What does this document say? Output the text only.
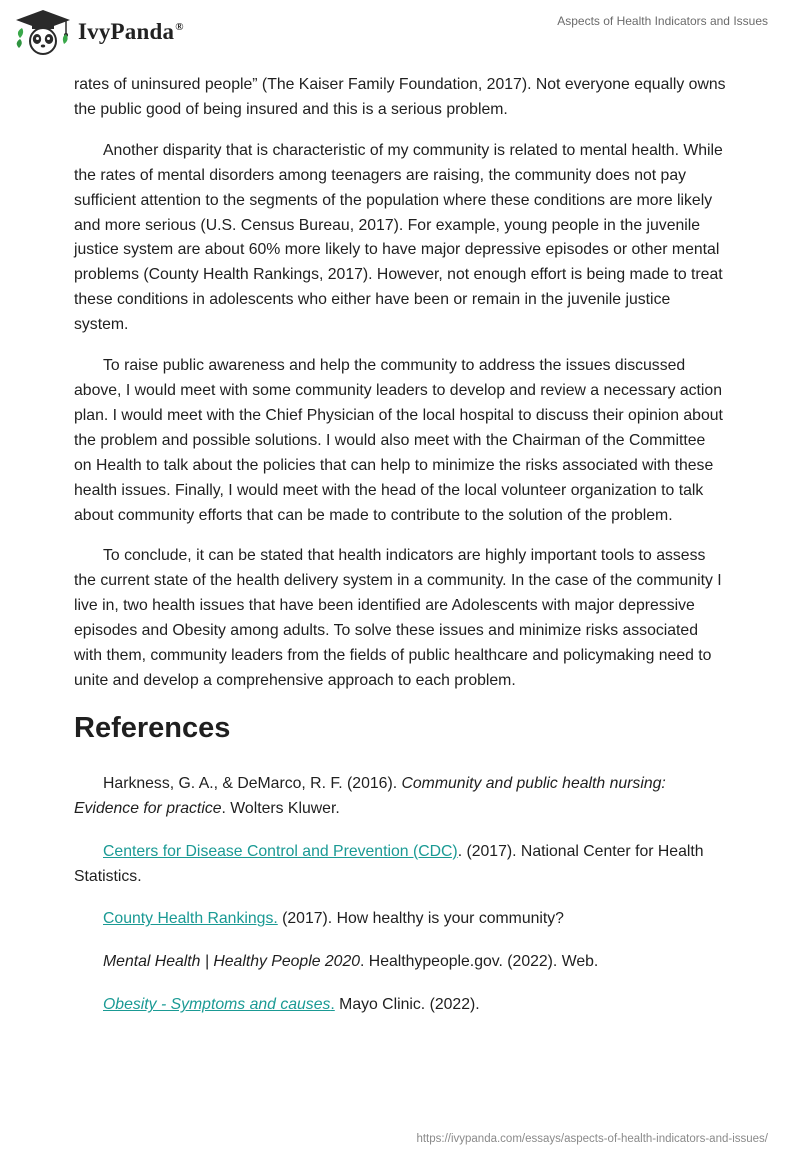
IvyPanda®	Aspects of Health Indicators and Issues

rates of uninsured people” (The Kaiser Family Foundation, 2017). Not everyone equally owns the public good of being insured and this is a serious problem.

Another disparity that is characteristic of my community is related to mental health. While the rates of mental disorders among teenagers are raising, the community does not pay sufficient attention to the segments of the population where these conditions are more likely and more serious (U.S. Census Bureau, 2017). For example, young people in the juvenile justice system are about 60% more likely to have major depressive episodes or other mental problems (County Health Rankings, 2017). However, not enough effort is being made to treat these conditions in adolescents who either have been or remain in the juvenile justice system.

To raise public awareness and help the community to address the issues discussed above, I would meet with some community leaders to develop and review a necessary action plan. I would meet with the Chief Physician of the local hospital to discuss their opinion about the problem and possible solutions. I would also meet with the Chairman of the Committee on Health to talk about the policies that can help to minimize the risks associated with these health issues. Finally, I would meet with the head of the local volunteer organization to talk about community efforts that can be made to contribute to the solution of the problem.

To conclude, it can be stated that health indicators are highly important tools to assess the current state of the health delivery system in a community. In the case of the community I live in, two health issues that have been identified are Adolescents with major depressive episodes and Obesity among adults. To solve these issues and minimize risks associated with them, community leaders from the fields of public healthcare and policymaking need to unite and develop a comprehensive approach to each problem.

References

Harkness, G. A., & DeMarco, R. F. (2016). Community and public health nursing: Evidence for practice. Wolters Kluwer.

Centers for Disease Control and Prevention (CDC). (2017). National Center for Health Statistics.

County Health Rankings. (2017). How healthy is your community?

Mental Health | Healthy People 2020. Healthypeople.gov. (2022). Web.

Obesity - Symptoms and causes. Mayo Clinic. (2022).

https://ivypanda.com/essays/aspects-of-health-indicators-and-issues/
